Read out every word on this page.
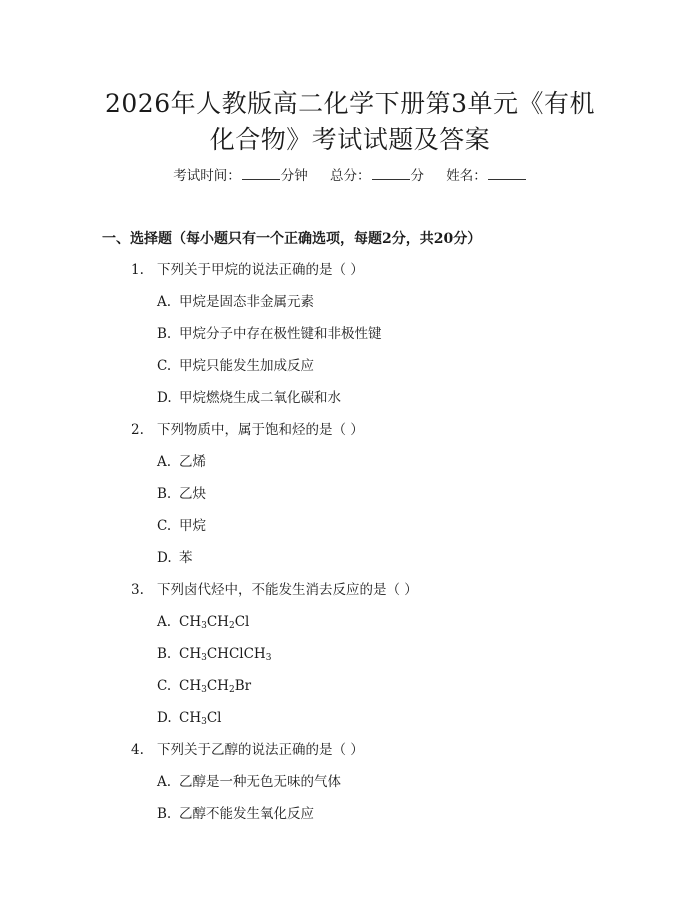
2026年人教版高二化学下册第3单元《有机
化合物》考试试题及答案
考试时间：	分钟 总分：	分 姓名：
一、选择题（每小题只有一个正确选项，每题2分，共20分）
1. 下列关于甲烷的说法正确的是（ ）
A. 甲烷是固态非金属元素
B. 甲烷分子中存在极性键和非极性键
C. 甲烷只能发生加成反应
D. 甲烷燃烧生成二氧化碳和水
2. 下列物质中，属于饱和烃的是（ ）
A. 乙烯
B. 乙炔
C. 甲烷
D. 苯
3. 下列卤代烃中，不能发生消去反应的是（ ）
A. $CH_3CH_2Cl$
B. $CH_3CHClCH_3$
C. $CH_3CH_2Br$
D. $CH_3Cl$
4. 下列关于乙醇的说法正确的是（ ）
A. 乙醇是一种无色无味的气体
B. 乙醇不能发生氧化反应
